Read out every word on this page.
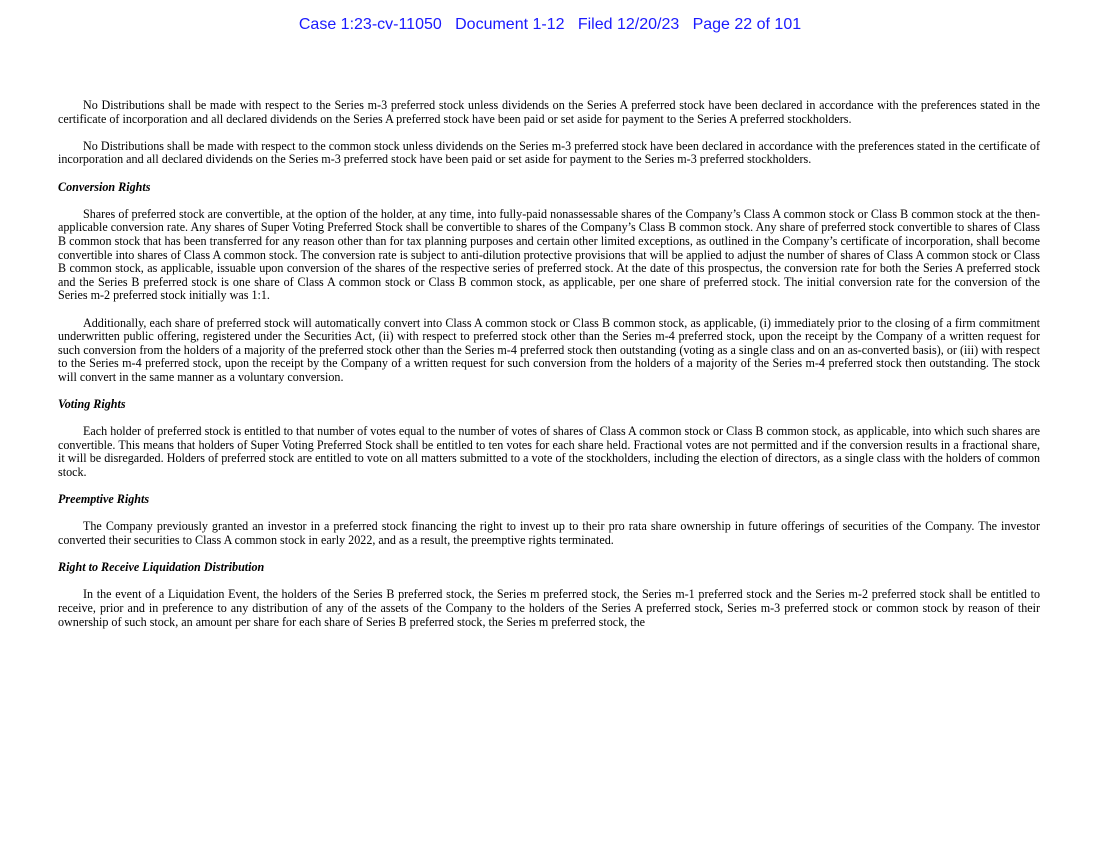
Case 1:23-cv-11050   Document 1-12   Filed 12/20/23   Page 22 of 101

No Distributions shall be made with respect to the Series m-3 preferred stock unless dividends on the Series A preferred stock have been declared in accordance with the preferences stated in the certificate of incorporation and all declared dividends on the Series A preferred stock have been paid or set aside for payment to the Series A preferred stockholders.

No Distributions shall be made with respect to the common stock unless dividends on the Series m-3 preferred stock have been declared in accordance with the preferences stated in the certificate of incorporation and all declared dividends on the Series m-3 preferred stock have been paid or set aside for payment to the Series m-3 preferred stockholders.

Conversion Rights

Shares of preferred stock are convertible, at the option of the holder, at any time, into fully-paid nonassessable shares of the Company’s Class A common stock or Class B common stock at the then-applicable conversion rate. Any shares of Super Voting Preferred Stock shall be convertible to shares of the Company’s Class B common stock. Any share of preferred stock convertible to shares of Class B common stock that has been transferred for any reason other than for tax planning purposes and certain other limited exceptions, as outlined in the Company’s certificate of incorporation, shall become convertible into shares of Class A common stock. The conversion rate is subject to anti-dilution protective provisions that will be applied to adjust the number of shares of Class A common stock or Class B common stock, as applicable, issuable upon conversion of the shares of the respective series of preferred stock. At the date of this prospectus, the conversion rate for both the Series A preferred stock and the Series B preferred stock is one share of Class A common stock or Class B common stock, as applicable, per one share of preferred stock. The initial conversion rate for the conversion of the Series m-2 preferred stock initially was 1:1.

Additionally, each share of preferred stock will automatically convert into Class A common stock or Class B common stock, as applicable, (i) immediately prior to the closing of a firm commitment underwritten public offering, registered under the Securities Act, (ii) with respect to preferred stock other than the Series m-4 preferred stock, upon the receipt by the Company of a written request for such conversion from the holders of a majority of the preferred stock other than the Series m-4 preferred stock then outstanding (voting as a single class and on an as-converted basis), or (iii) with respect to the Series m-4 preferred stock, upon the receipt by the Company of a written request for such conversion from the holders of a majority of the Series m-4 preferred stock then outstanding. The stock will convert in the same manner as a voluntary conversion.

Voting Rights

Each holder of preferred stock is entitled to that number of votes equal to the number of votes of shares of Class A common stock or Class B common stock, as applicable, into which such shares are convertible. This means that holders of Super Voting Preferred Stock shall be entitled to ten votes for each share held. Fractional votes are not permitted and if the conversion results in a fractional share, it will be disregarded. Holders of preferred stock are entitled to vote on all matters submitted to a vote of the stockholders, including the election of directors, as a single class with the holders of common stock.

Preemptive Rights

The Company previously granted an investor in a preferred stock financing the right to invest up to their pro rata share ownership in future offerings of securities of the Company. The investor converted their securities to Class A common stock in early 2022, and as a result, the preemptive rights terminated.

Right to Receive Liquidation Distribution

In the event of a Liquidation Event, the holders of the Series B preferred stock, the Series m preferred stock, the Series m-1 preferred stock and the Series m-2 preferred stock shall be entitled to receive, prior and in preference to any distribution of any of the assets of the Company to the holders of the Series A preferred stock, Series m-3 preferred stock or common stock by reason of their ownership of such stock, an amount per share for each share of Series B preferred stock, the Series m preferred stock, the
